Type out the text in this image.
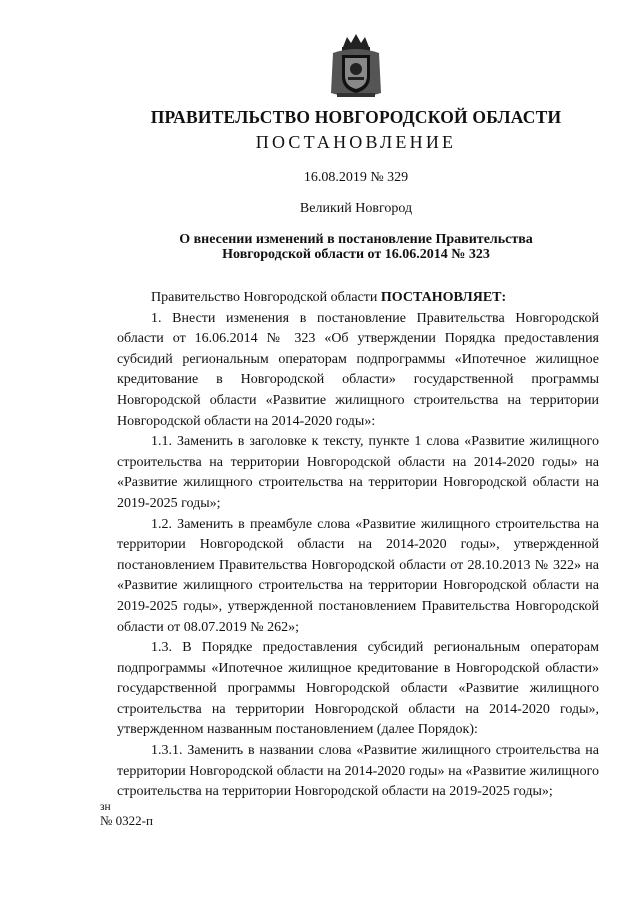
ПРАВИТЕЛЬСТВО НОВГОРОДСКОЙ ОБЛАСТИ
ПОСТАНОВЛЕНИЕ
16.08.2019 № 329
Великий Новгород
О внесении изменений в постановление Правительства
Новгородской области от 16.06.2014 № 323

Правительство Новгородской области ПОСТАНОВЛЯЕТ:

1. Внести изменения в постановление Правительства Новгородской области от 16.06.2014 № 323 «Об утверждении Порядка предоставления субсидий региональным операторам подпрограммы «Ипотечное жилищное кредитование в Новгородской области» государственной программы Новгородской области «Развитие жилищного строительства на территории Новгородской области на 2014-2020 годы»:

1.1. Заменить в заголовке к тексту, пункте 1 слова «Развитие жилищного строительства на территории Новгородской области на 2014-2020 годы» на «Развитие жилищного строительства на территории Новгородской области на 2019-2025 годы»;

1.2. Заменить в преамбуле слова «Развитие жилищного строительства на территории Новгородской области на 2014-2020 годы», утвержденной постановлением Правительства Новгородской области от 28.10.2013 № 322» на «Развитие жилищного строительства на территории Новгородской области на 2019-2025 годы», утвержденной постановлением Правительства Новгородской области от 08.07.2019 № 262»;

1.3. В Порядке предоставления субсидий региональным операторам подпрограммы «Ипотечное жилищное кредитование в Новгородской области» государственной программы Новгородской области «Развитие жилищного строительства на территории Новгородской области на 2014-2020 годы», утвержденном названным постановлением (далее Порядок):

1.3.1. Заменить в названии слова «Развитие жилищного строительства на территории Новгородской области на 2014-2020 годы» на «Развитие жилищного строительства на территории Новгородской области на 2019-2025 годы»;

зн
№ 0322-п
